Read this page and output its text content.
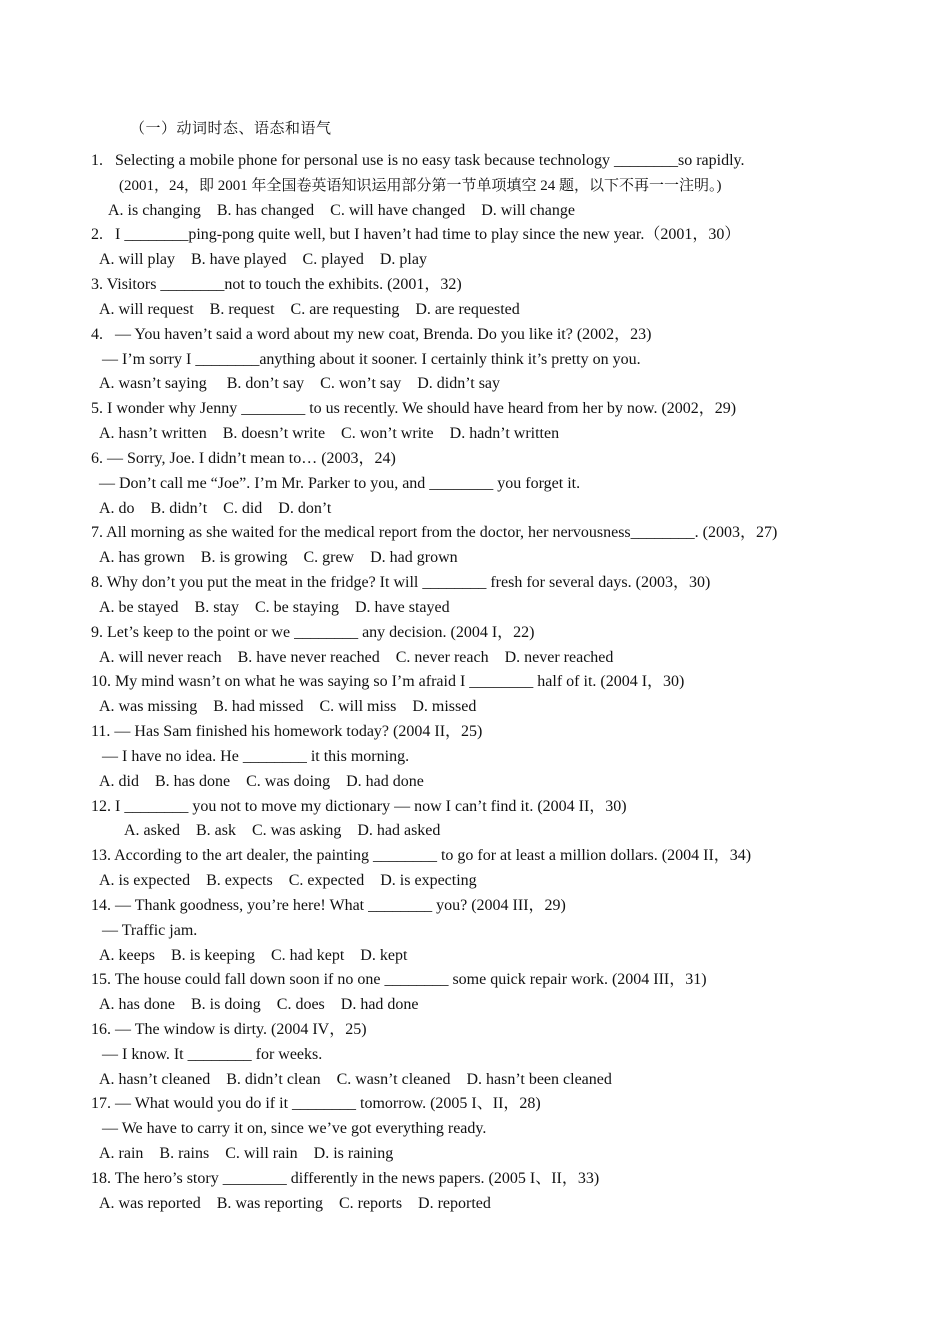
（一）动词时态、语态和语气
1.   Selecting a mobile phone for personal use is no easy task because technology ________so rapidly.
(2001，24，即 2001 年全国卷英语知识运用部分第一节单项填空 24 题，以下不再一一注明。)
A. is changing    B. has changed    C. will have changed    D. will change
2.   I ________ping-pong quite well, but I haven’t had time to play since the new year.（2001，30）
A. will play    B. have played    C. played    D. play
3. Visitors ________not to touch the exhibits. (2001，32)
A. will request    B. request    C. are requesting    D. are requested
4.   — You haven’t said a word about my new coat, Brenda. Do you like it? (2002，23)
— I’m sorry I ________anything about it sooner. I certainly think it’s pretty on you.
A. wasn’t saying     B. don’t say    C. won’t say    D. didn’t say
5. I wonder why Jenny ________ to us recently. We should have heard from her by now. (2002，29)
A. hasn’t written    B. doesn’t write    C. won’t write    D. hadn’t written
6. — Sorry, Joe. I didn’t mean to… (2003，24)
— Don’t call me “Joe”. I’m Mr. Parker to you, and ________ you forget it.
A. do    B. didn’t    C. did    D. don’t
7. All morning as she waited for the medical report from the doctor, her nervousness________. (2003，27)
A. has grown    B. is growing    C. grew    D. had grown
8. Why don’t you put the meat in the fridge? It will ________ fresh for several days. (2003，30)
A. be stayed    B. stay    C. be staying    D. have stayed
9. Let’s keep to the point or we ________ any decision. (2004 I，22)
A. will never reach    B. have never reached    C. never reach    D. never reached
10. My mind wasn’t on what he was saying so I’m afraid I ________ half of it. (2004 I，30)
A. was missing    B. had missed    C. will miss    D. missed
11. — Has Sam finished his homework today? (2004 II，25)
— I have no idea. He ________ it this morning.
A. did    B. has done    C. was doing    D. had done
12. I ________ you not to move my dictionary — now I can’t find it. (2004 II，30)
A. asked    B. ask    C. was asking    D. had asked
13. According to the art dealer, the painting ________ to go for at least a million dollars. (2004 II，34)
A. is expected    B. expects    C. expected    D. is expecting
14. — Thank goodness, you’re here! What ________ you? (2004 III，29)
— Traffic jam.
A. keeps    B. is keeping    C. had kept    D. kept
15. The house could fall down soon if no one ________ some quick repair work. (2004 III，31)
A. has done    B. is doing    C. does    D. had done
16. — The window is dirty. (2004 IV，25)
— I know. It ________ for weeks.
A. hasn’t cleaned    B. didn’t clean    C. wasn’t cleaned    D. hasn’t been cleaned
17. — What would you do if it ________ tomorrow. (2005 I、II，28)
— We have to carry it on, since we’ve got everything ready.
A. rain    B. rains    C. will rain    D. is raining
18. The hero’s story ________ differently in the news papers. (2005 I、II，33)
A. was reported    B. was reporting    C. reports    D. reported
